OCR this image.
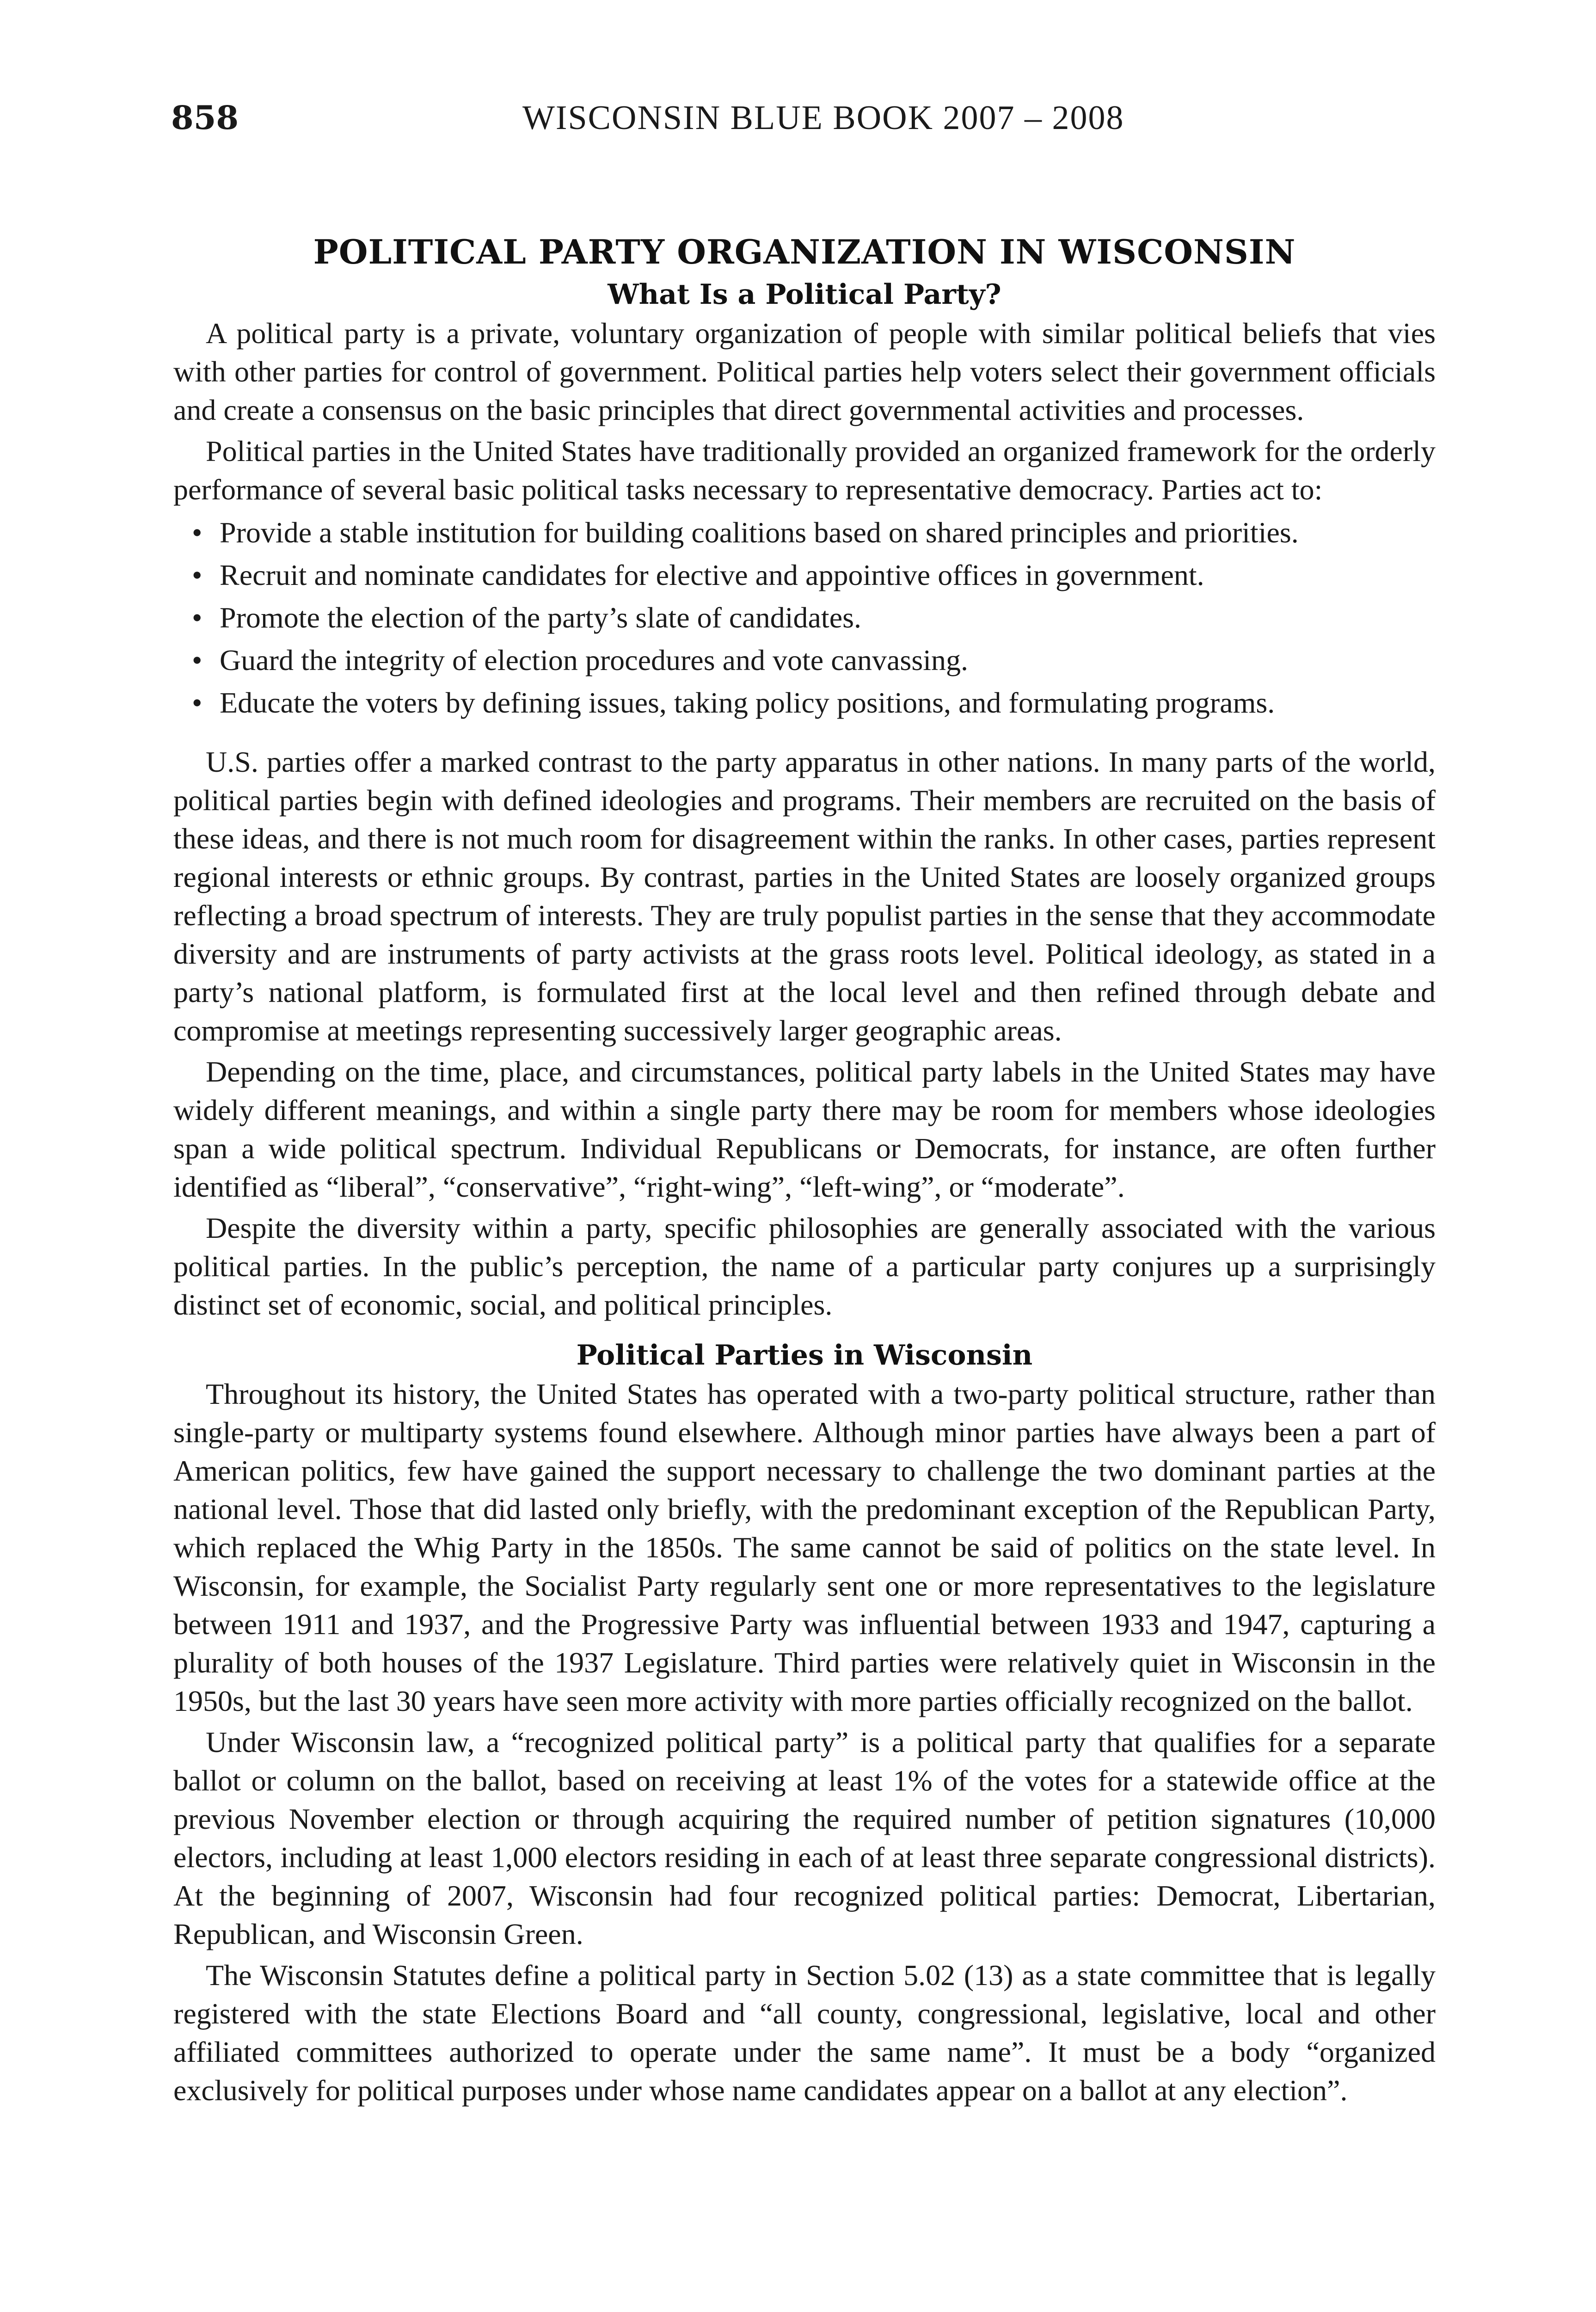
858	WISCONSIN BLUE BOOK 2007 – 2008
POLITICAL PARTY ORGANIZATION IN WISCONSIN
What Is a Political Party?

A political party is a private, voluntary organization of people with similar political beliefs that vies with other parties for control of government. Political parties help voters select their government officials and create a consensus on the basic principles that direct governmental activities and processes.

Political parties in the United States have traditionally provided an organized framework for the orderly performance of several basic political tasks necessary to representative democracy. Parties act to:

• Provide a stable institution for building coalitions based on shared principles and priorities.
• Recruit and nominate candidates for elective and appointive offices in government.
• Promote the election of the party’s slate of candidates.
• Guard the integrity of election procedures and vote canvassing.
• Educate the voters by defining issues, taking policy positions, and formulating programs.

U.S. parties offer a marked contrast to the party apparatus in other nations. In many parts of the world, political parties begin with defined ideologies and programs. Their members are recruited on the basis of these ideas, and there is not much room for disagreement within the ranks. In other cases, parties represent regional interests or ethnic groups. By contrast, parties in the United States are loosely organized groups reflecting a broad spectrum of interests. They are truly populist parties in the sense that they accommodate diversity and are instruments of party activists at the grass roots level. Political ideology, as stated in a party’s national platform, is formulated first at the local level and then refined through debate and compromise at meetings representing successively larger geographic areas.

Depending on the time, place, and circumstances, political party labels in the United States may have widely different meanings, and within a single party there may be room for members whose ideologies span a wide political spectrum. Individual Republicans or Democrats, for instance, are often further identified as “liberal”, “conservative”, “right-wing”, “left-wing”, or “moderate”.

Despite the diversity within a party, specific philosophies are generally associated with the various political parties. In the public’s perception, the name of a particular party conjures up a surprisingly distinct set of economic, social, and political principles.

Political Parties in Wisconsin

Throughout its history, the United States has operated with a two-party political structure, rather than single-party or multiparty systems found elsewhere. Although minor parties have always been a part of American politics, few have gained the support necessary to challenge the two dominant parties at the national level. Those that did lasted only briefly, with the predominant exception of the Republican Party, which replaced the Whig Party in the 1850s. The same cannot be said of politics on the state level. In Wisconsin, for example, the Socialist Party regularly sent one or more representatives to the legislature between 1911 and 1937, and the Progressive Party was influential between 1933 and 1947, capturing a plurality of both houses of the 1937 Legislature. Third parties were relatively quiet in Wisconsin in the 1950s, but the last 30 years have seen more activity with more parties officially recognized on the ballot.

Under Wisconsin law, a “recognized political party” is a political party that qualifies for a separate ballot or column on the ballot, based on receiving at least 1% of the votes for a statewide office at the previous November election or through acquiring the required number of petition signatures (10,000 electors, including at least 1,000 electors residing in each of at least three separate congressional districts). At the beginning of 2007, Wisconsin had four recognized political parties: Democrat, Libertarian, Republican, and Wisconsin Green.

The Wisconsin Statutes define a political party in Section 5.02 (13) as a state committee that is legally registered with the state Elections Board and “all county, congressional, legislative, local and other affiliated committees authorized to operate under the same name”. It must be a body “organized exclusively for political purposes under whose name candidates appear on a ballot at any election”.
